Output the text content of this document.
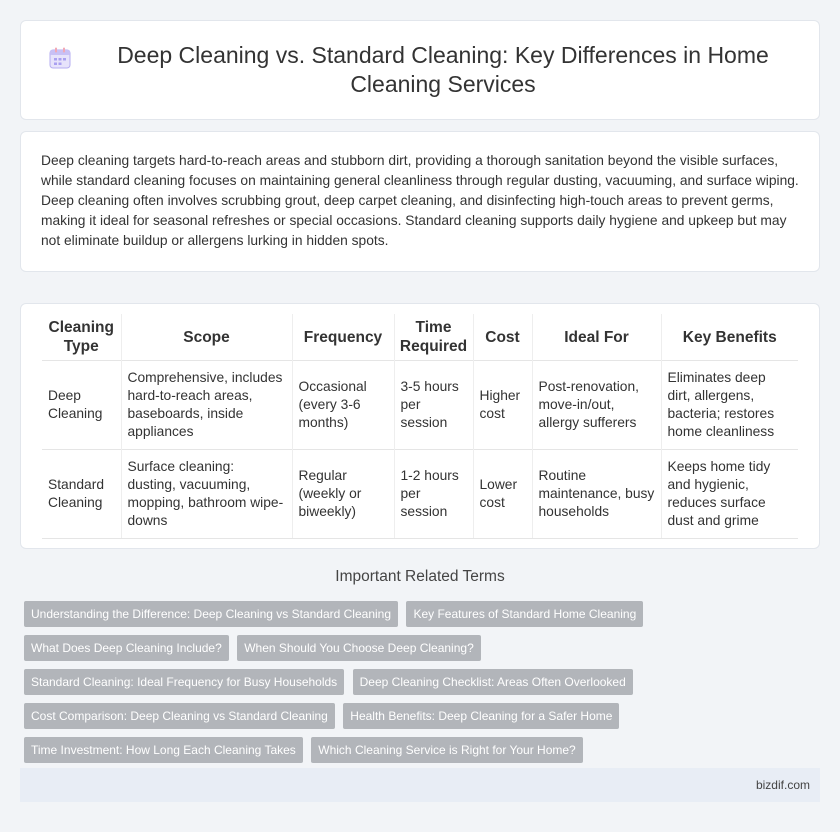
Deep Cleaning vs. Standard Cleaning: Key Differences in Home Cleaning Services

Deep cleaning targets hard-to-reach areas and stubborn dirt, providing a thorough sanitation beyond the visible surfaces, while standard cleaning focuses on maintaining general cleanliness through regular dusting, vacuuming, and surface wiping. Deep cleaning often involves scrubbing grout, deep carpet cleaning, and disinfecting high-touch areas to prevent germs, making it ideal for seasonal refreshes or special occasions. Standard cleaning supports daily hygiene and upkeep but may not eliminate buildup or allergens lurking in hidden spots.

Cleaning Type	Scope	Frequency	Time Required	Cost	Ideal For	Key Benefits
Deep Cleaning	Comprehensive, includes hard-to-reach areas, baseboards, inside appliances	Occasional (every 3-6 months)	3-5 hours per session	Higher cost	Post-renovation, move-in/out, allergy sufferers	Eliminates deep dirt, allergens, bacteria; restores home cleanliness
Standard Cleaning	Surface cleaning: dusting, vacuuming, mopping, bathroom wipe-downs	Regular (weekly or biweekly)	1-2 hours per session	Lower cost	Routine maintenance, busy households	Keeps home tidy and hygienic, reduces surface dust and grime
Important Related Terms
Understanding the Difference: Deep Cleaning vs Standard Cleaning Key Features of Standard Home Cleaning What Does Deep Cleaning Include? When Should You Choose Deep Cleaning? Standard Cleaning: Ideal Frequency for Busy Households Deep Cleaning Checklist: Areas Often Overlooked Cost Comparison: Deep Cleaning vs Standard Cleaning Health Benefits: Deep Cleaning for a Safer Home Time Investment: How Long Each Cleaning Takes Which Cleaning Service is Right for Your Home?
bizdif.com
